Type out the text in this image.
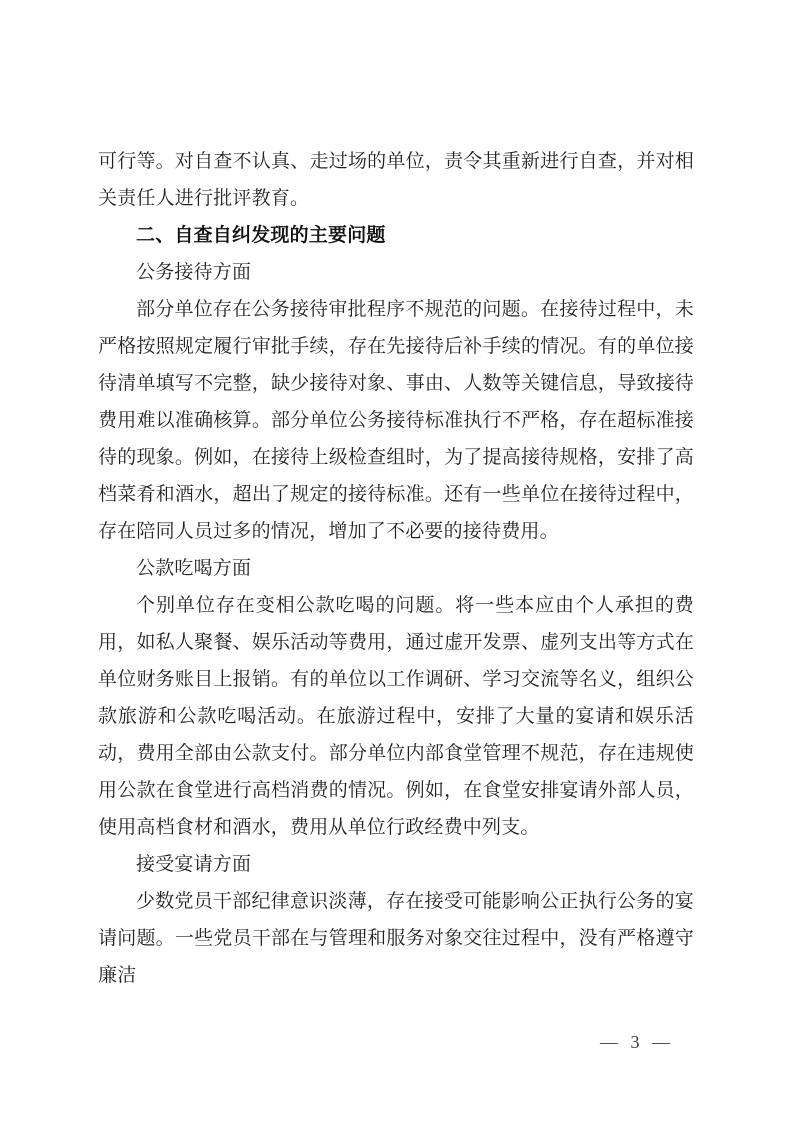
可行等。对自查不认真、走过场的单位，责令其重新进行自查，并对相关责任人进行批评教育。

二、自查自纠发现的主要问题

公务接待方面

部分单位存在公务接待审批程序不规范的问题。在接待过程中，未严格按照规定履行审批手续，存在先接待后补手续的情况。有的单位接待清单填写不完整，缺少接待对象、事由、人数等关键信息，导致接待费用难以准确核算。部分单位公务接待标准执行不严格，存在超标准接待的现象。例如，在接待上级检查组时，为了提高接待规格，安排了高档菜肴和酒水，超出了规定的接待标准。还有一些单位在接待过程中，存在陪同人员过多的情况，增加了不必要的接待费用。

公款吃喝方面

个别单位存在变相公款吃喝的问题。将一些本应由个人承担的费用，如私人聚餐、娱乐活动等费用，通过虚开发票、虚列支出等方式在单位财务账目上报销。有的单位以工作调研、学习交流等名义，组织公款旅游和公款吃喝活动。在旅游过程中，安排了大量的宴请和娱乐活动，费用全部由公款支付。部分单位内部食堂管理不规范，存在违规使用公款在食堂进行高档消费的情况。例如，在食堂安排宴请外部人员，使用高档食材和酒水，费用从单位行政经费中列支。

接受宴请方面

少数党员干部纪律意识淡薄，存在接受可能影响公正执行公务的宴请问题。一些党员干部在与管理和服务对象交往过程中，没有严格遵守廉洁

— 3 —
